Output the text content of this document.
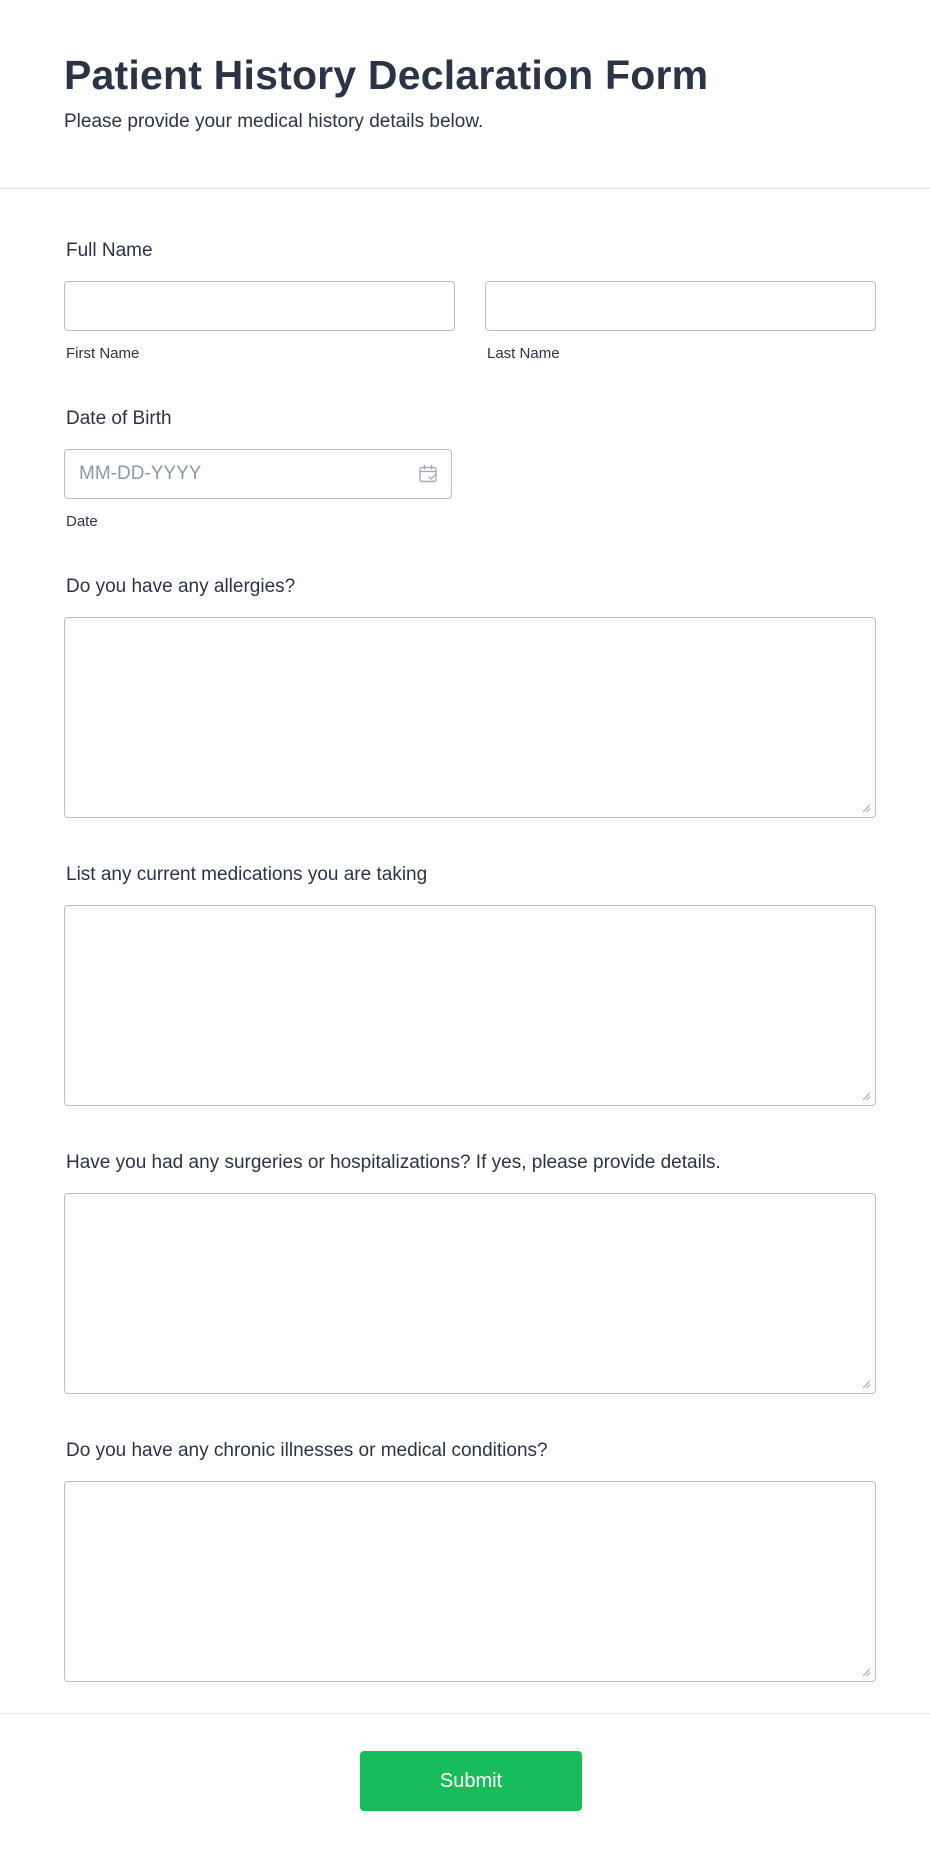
Patient History Declaration Form

Please provide your medical history details below.

Full Name
First Name	Last Name
Date of Birth
MM-DD-YYYY
Date
Do you have any allergies?
List any current medications you are taking
Have you had any surgeries or hospitalizations? If yes, please provide details.
Do you have any chronic illnesses or medical conditions?
Submit
